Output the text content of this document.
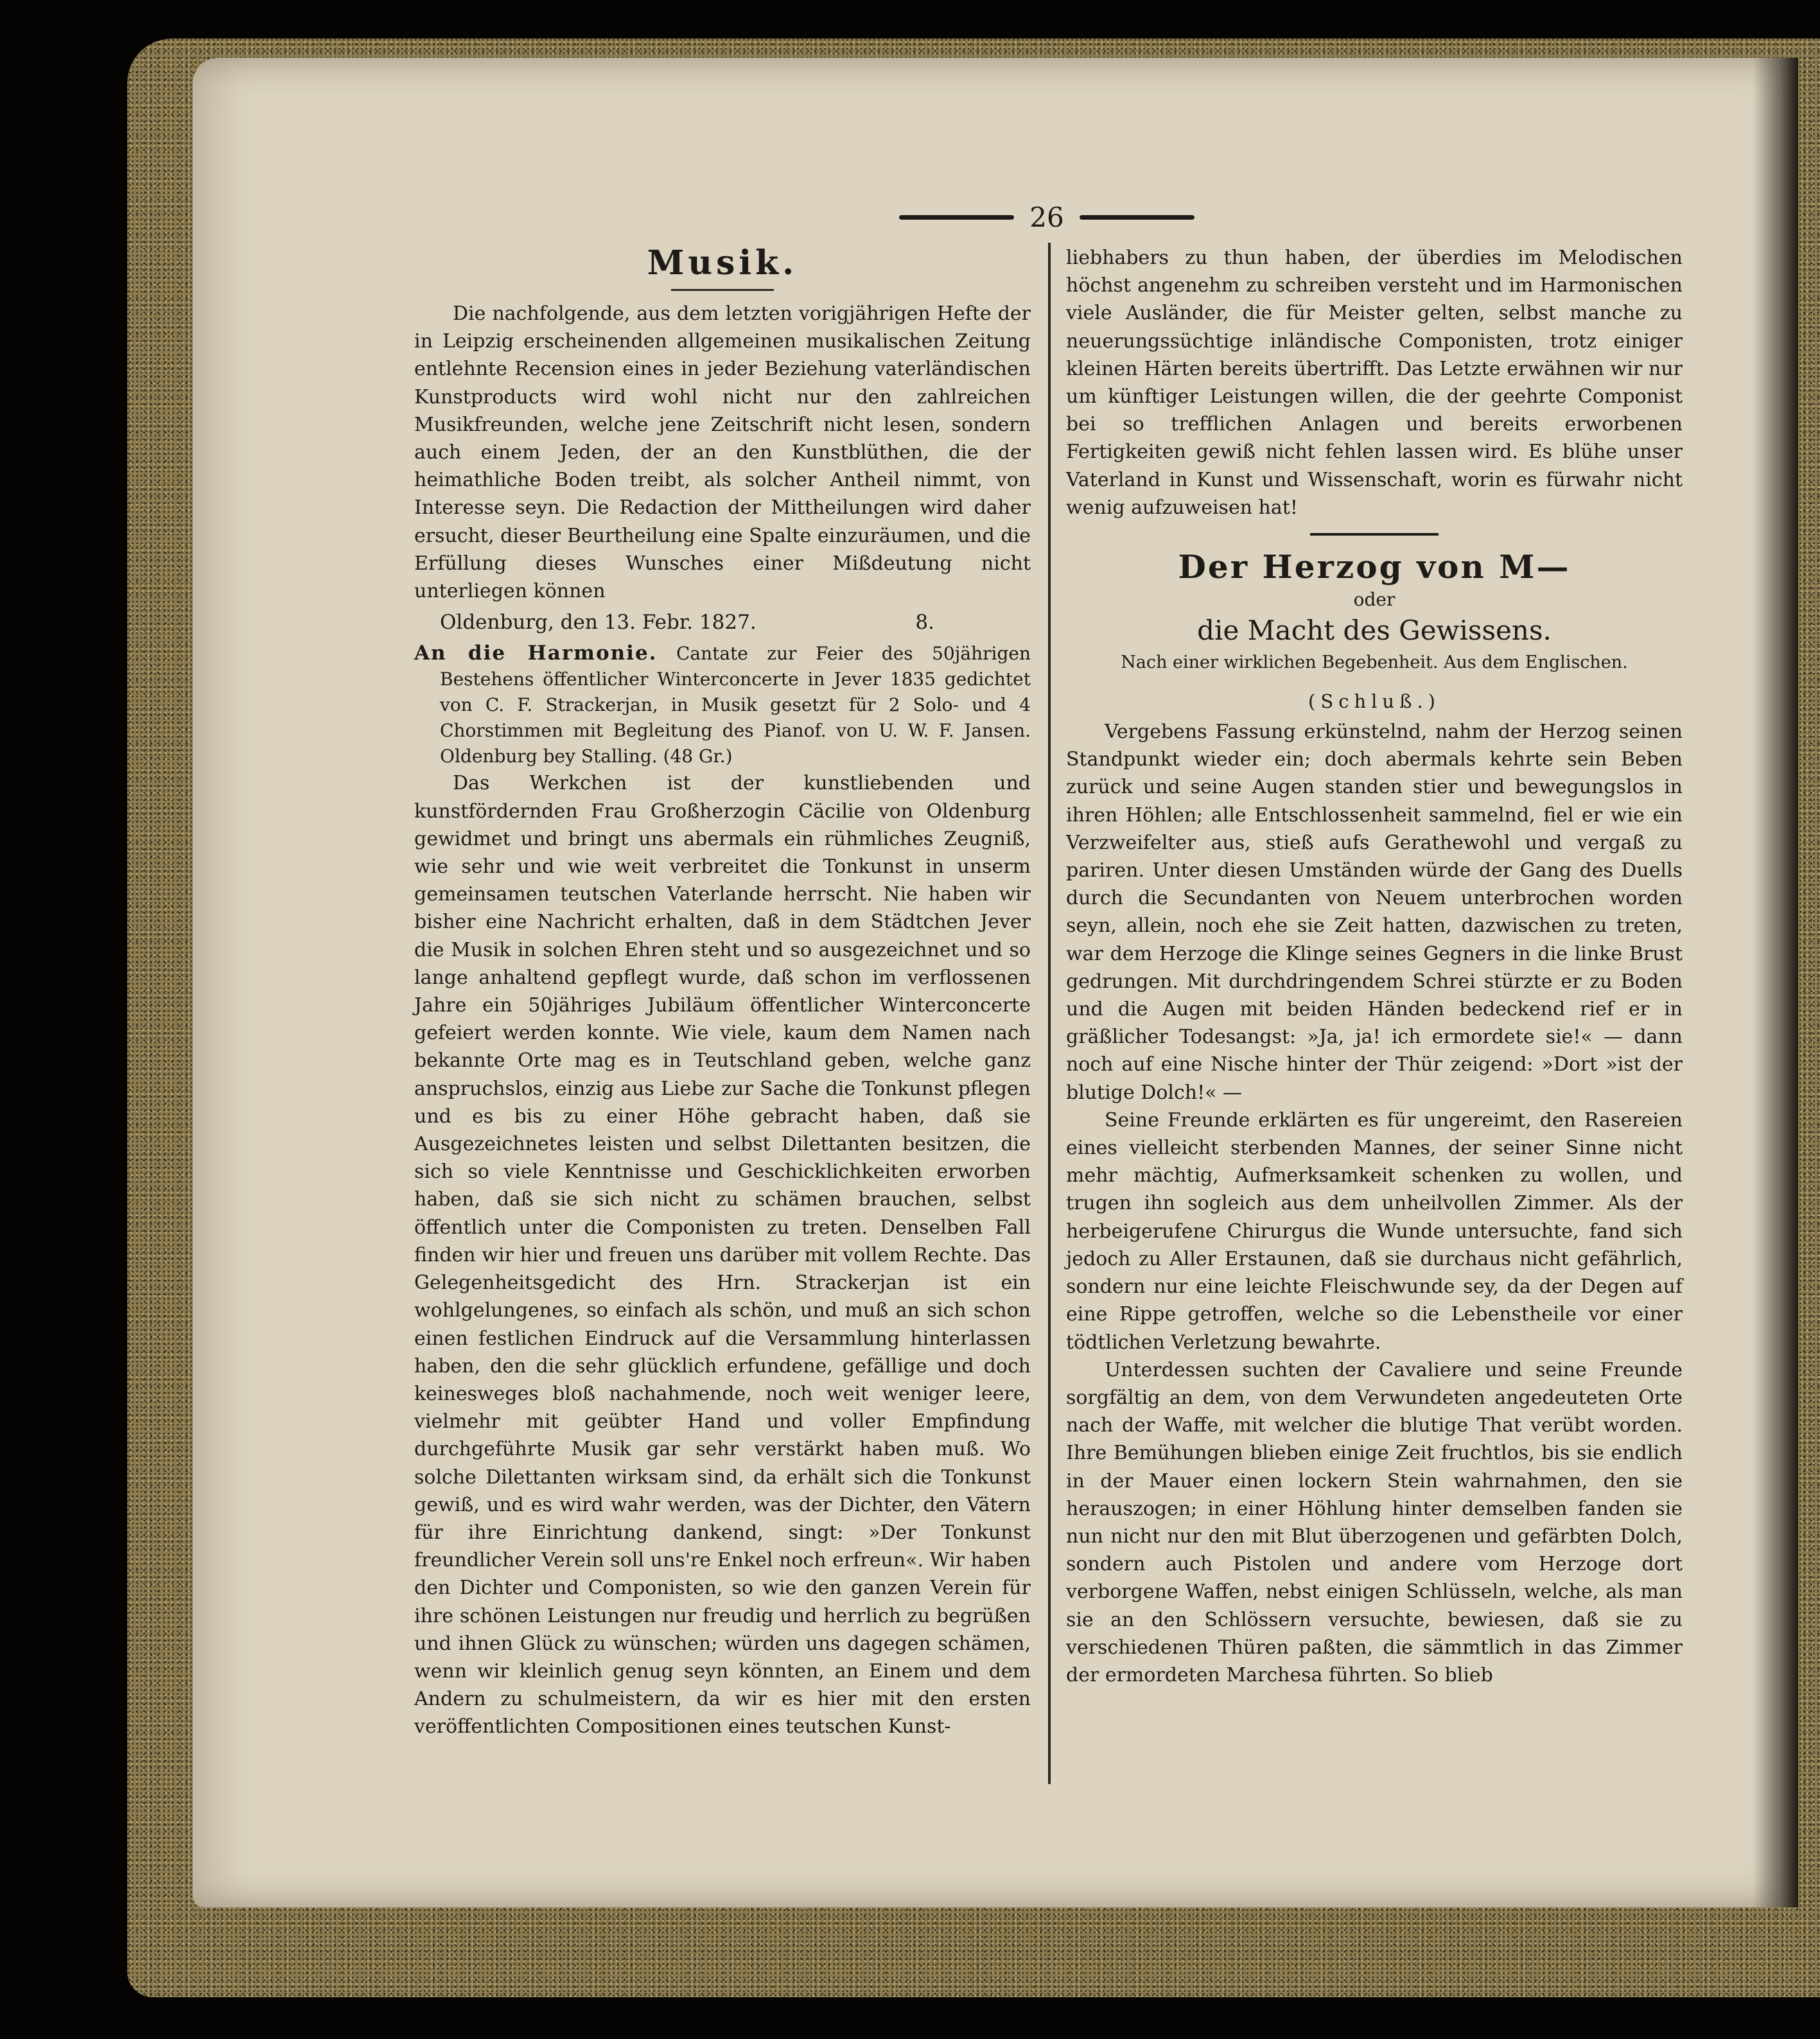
26

Musik.

Die nachfolgende, aus dem letzten vorigjährigen Hefte der in Leipzig erscheinenden allgemeinen musikalischen Zeitung entlehnte Recension eines in jeder Beziehung vaterländischen Kunstproducts wird wohl nicht nur den zahlreichen Musikfreunden, welche jene Zeitschrift nicht lesen, sondern auch einem Jeden, der an den Kunstblüthen, die der heimathliche Boden treibt, als solcher Antheil nimmt, von Interesse seyn. Die Redaction der Mittheilungen wird daher ersucht, dieser Beurtheilung eine Spalte einzuräumen, und die Erfüllung dieses Wunsches einer Mißdeutung nicht unterliegen können

Oldenburg, den 13. Febr. 1827.	8.

An die Harmonie. Cantate zur Feier des 50jährigen Bestehens öffentlicher Winterconcerte in Jever 1835 gedichtet von C. F. Strackerjan, in Musik gesetzt für 2 Solo- und 4 Chorstimmen mit Begleitung des Pianof. von U. W. F. Jansen. Oldenburg bey Stalling. (48 Gr.)

Das Werkchen ist der kunstliebenden und kunstfördernden Frau Großherzogin Cäcilie von Oldenburg gewidmet und bringt uns abermals ein rühmliches Zeugniß, wie sehr und wie weit verbreitet die Tonkunst in unserm gemeinsamen teutschen Vaterlande herrscht. Nie haben wir bisher eine Nachricht erhalten, daß in dem Städtchen Jever die Musik in solchen Ehren steht und so ausgezeichnet und so lange anhaltend gepflegt wurde, daß schon im verflossenen Jahre ein 50jähriges Jubiläum öffentlicher Winterconcerte gefeiert werden konnte. Wie viele, kaum dem Namen nach bekannte Orte mag es in Teutschland geben, welche ganz anspruchslos, einzig aus Liebe zur Sache die Tonkunst pflegen und es bis zu einer Höhe gebracht haben, daß sie Ausgezeichnetes leisten und selbst Dilettanten besitzen, die sich so viele Kenntnisse und Geschicklichkeiten erworben haben, daß sie sich nicht zu schämen brauchen, selbst öffentlich unter die Componisten zu treten. Denselben Fall finden wir hier und freuen uns darüber mit vollem Rechte. Das Gelegenheitsgedicht des Hrn. Strackerjan ist ein wohlgelungenes, so einfach als schön, und muß an sich schon einen festlichen Eindruck auf die Versammlung hinterlassen haben, den die sehr glücklich erfundene, gefällige und doch keinesweges bloß nachahmende, noch weit weniger leere, vielmehr mit geübter Hand und voller Empfindung durchgeführte Musik gar sehr verstärkt haben muß. Wo solche Dilettanten wirksam sind, da erhält sich die Tonkunst gewiß, und es wird wahr werden, was der Dichter, den Vätern für ihre Einrichtung dankend, singt: »Der Tonkunst freundlicher Verein soll uns're Enkel noch erfreun«. Wir haben den Dichter und Componisten, so wie den ganzen Verein für ihre schönen Leistungen nur freudig und herrlich zu begrüßen und ihnen Glück zu wünschen; würden uns dagegen schämen, wenn wir kleinlich genug seyn könnten, an Einem und dem Andern zu schulmeistern, da wir es hier mit den ersten veröffentlichten Compositionen eines teutschen Kunst-

liebhabers zu thun haben, der überdies im Melodischen höchst angenehm zu schreiben versteht und im Harmonischen viele Ausländer, die für Meister gelten, selbst manche zu neuerungssüchtige inländische Componisten, trotz einiger kleinen Härten bereits übertrifft. Das Letzte erwähnen wir nur um künftiger Leistungen willen, die der geehrte Componist bei so trefflichen Anlagen und bereits erworbenen Fertigkeiten gewiß nicht fehlen lassen wird. Es blühe unser Vaterland in Kunst und Wissenschaft, worin es fürwahr nicht wenig aufzuweisen hat!

Der Herzog von M—

oder

die Macht des Gewissens.

Nach einer wirklichen Begebenheit. Aus dem Englischen.

(Schluß.)

Vergebens Fassung erkünstelnd, nahm der Herzog seinen Standpunkt wieder ein; doch abermals kehrte sein Beben zurück und seine Augen standen stier und bewegungslos in ihren Höhlen; alle Entschlossenheit sammelnd, fiel er wie ein Verzweifelter aus, stieß aufs Gerathewohl und vergaß zu pariren. Unter diesen Umständen würde der Gang des Duells durch die Secundanten von Neuem unterbrochen worden seyn, allein, noch ehe sie Zeit hatten, dazwischen zu treten, war dem Herzoge die Klinge seines Gegners in die linke Brust gedrungen. Mit durchdringendem Schrei stürzte er zu Boden und die Augen mit beiden Händen bedeckend rief er in gräßlicher Todesangst: »Ja, ja! ich ermordete sie!« — dann noch auf eine Nische hinter der Thür zeigend: »Dort »ist der blutige Dolch!« —

Seine Freunde erklärten es für ungereimt, den Rasereien eines vielleicht sterbenden Mannes, der seiner Sinne nicht mehr mächtig, Aufmerksamkeit schenken zu wollen, und trugen ihn sogleich aus dem unheilvollen Zimmer. Als der herbeigerufene Chirurgus die Wunde untersuchte, fand sich jedoch zu Aller Erstaunen, daß sie durchaus nicht gefährlich, sondern nur eine leichte Fleischwunde sey, da der Degen auf eine Rippe getroffen, welche so die Lebenstheile vor einer tödtlichen Verletzung bewahrte.

Unterdessen suchten der Cavaliere und seine Freunde sorgfältig an dem, von dem Verwundeten angedeuteten Orte nach der Waffe, mit welcher die blutige That verübt worden. Ihre Bemühungen blieben einige Zeit fruchtlos, bis sie endlich in der Mauer einen lockern Stein wahrnahmen, den sie herauszogen; in einer Höhlung hinter demselben fanden sie nun nicht nur den mit Blut überzogenen und gefärbten Dolch, sondern auch Pistolen und andere vom Herzoge dort verborgene Waffen, nebst einigen Schlüsseln, welche, als man sie an den Schlössern versuchte, bewiesen, daß sie zu verschiedenen Thüren paßten, die sämmtlich in das Zimmer der ermordeten Marchesa führten. So blieb
